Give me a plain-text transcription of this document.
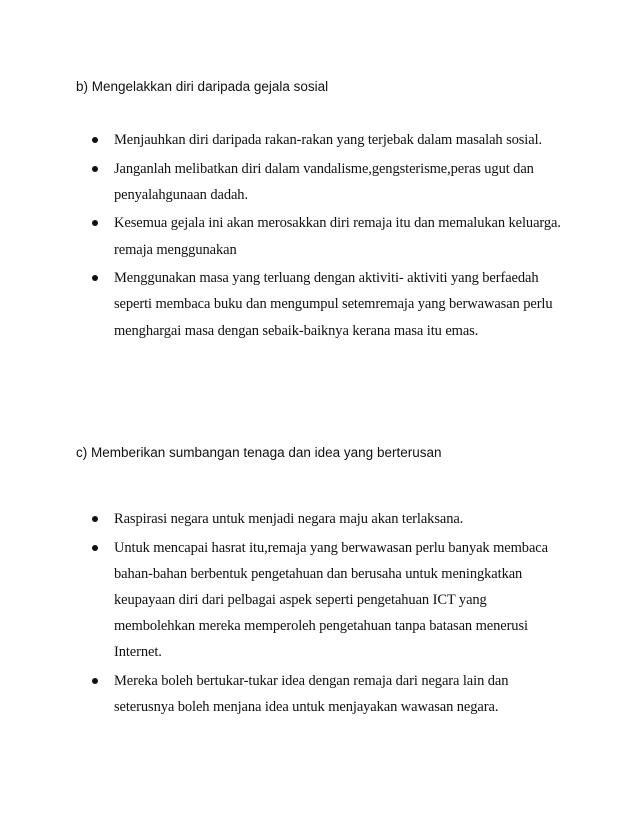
b) Mengelakkan diri daripada gejala sosial
Menjauhkan diri daripada rakan-rakan yang terjebak dalam masalah sosial.
Janganlah melibatkan diri dalam vandalisme,gengsterisme,peras ugut dan penyalahgunaan dadah.
Kesemua gejala ini akan merosakkan diri remaja itu dan memalukan keluarga. remaja menggunakan
Menggunakan masa yang terluang dengan aktiviti- aktiviti yang berfaedah seperti membaca buku dan mengumpul setemremaja yang berwawasan perlu menghargai masa dengan sebaik-baiknya kerana masa itu emas.
c) Memberikan sumbangan tenaga dan idea yang berterusan
Raspirasi negara untuk menjadi negara maju akan terlaksana.
Untuk mencapai hasrat itu,remaja yang berwawasan perlu banyak membaca bahan-bahan berbentuk pengetahuan dan berusaha untuk meningkatkan keupayaan diri dari pelbagai aspek seperti pengetahuan ICT yang membolehkan mereka memperoleh pengetahuan tanpa batasan menerusi Internet.
Mereka boleh bertukar-tukar idea dengan remaja dari negara lain dan seterusnya boleh menjana idea untuk menjayakan wawasan negara.
